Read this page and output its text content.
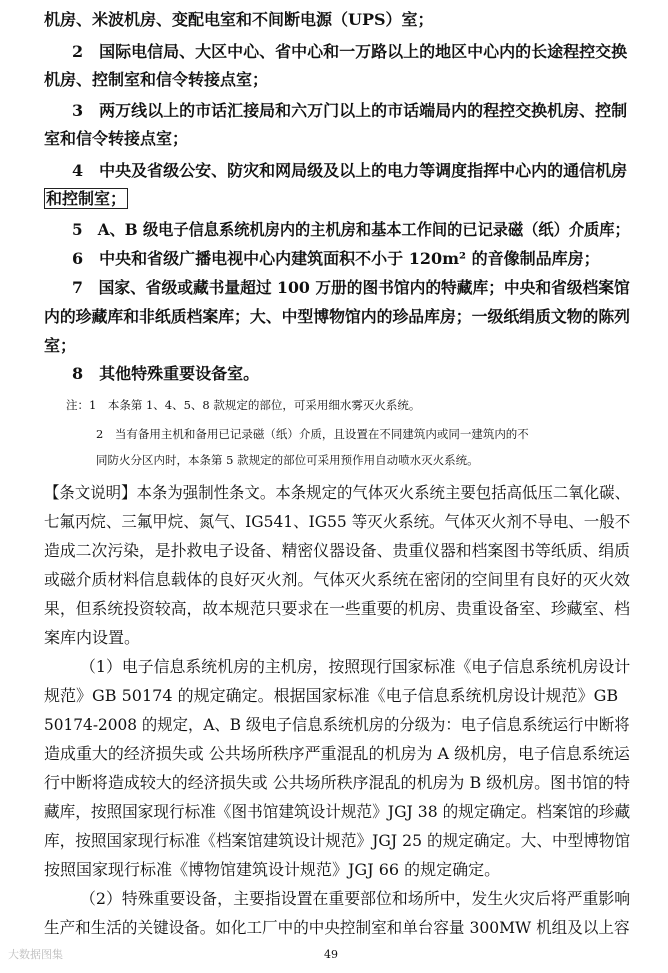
机房、米波机房、变配电室和不间断电源（UPS）室；
2　国际电信局、大区中心、省中心和一万路以上的地区中心内的长途程控交换
机房、控制室和信令转接点室；
3　两万线以上的市话汇接局和六万门以上的市话端局内的程控交换机房、控制
室和信令转接点室；
4　中央及省级公安、防灾和网局级及以上的电力等调度指挥中心内的通信机房
和控制室；
5　A、B 级电子信息系统机房内的主机房和基本工作间的已记录磁（纸）介质库；
6　中央和省级广播电视中心内建筑面积不小于 120m² 的音像制品库房；
7　国家、省级或藏书量超过 100 万册的图书馆内的特藏库；中央和省级档案馆
内的珍藏库和非纸质档案库；大、中型博物馆内的珍品库房；一级纸绢质文物的陈列
室；
8　其他特殊重要设备室。
注：1　本条第 1、4、5、8 款规定的部位，可采用细水雾灭火系统。
2　当有备用主机和备用已记录磁（纸）介质，且设置在不同建筑内或同一建筑内的不
同防火分区内时，本条第 5 款规定的部位可采用预作用自动喷水灭火系统。
【条文说明】本条为强制性条文。本条规定的气体灭火系统主要包括高低压二氧化碳、
七氟丙烷、三氟甲烷、氮气、IG541、IG55 等灭火系统。气体灭火剂不导电、一般不
造成二次污染，是扑救电子设备、精密仪器设备、贵重仪器和档案图书等纸质、绢质
或磁介质材料信息载体的良好灭火剂。气体灭火系统在密闭的空间里有良好的灭火效
果，但系统投资较高，故本规范只要求在一些重要的机房、贵重设备室、珍藏室、档
案库内设置。
（1）电子信息系统机房的主机房，按照现行国家标准《电子信息系统机房设计
规范》GB 50174 的规定确定。根据国家标准《电子信息系统机房设计规范》GB
50174-2008 的规定，A、B 级电子信息系统机房的分级为：电子信息系统运行中断将
造成重大的经济损失或 公共场所秩序严重混乱的机房为 A 级机房，电子信息系统运
行中断将造成较大的经济损失或 公共场所秩序混乱的机房为 B 级机房。图书馆的特
藏库，按照国家现行标准《图书馆建筑设计规范》JGJ 38 的规定确定。档案馆的珍藏
库，按照国家现行标准《档案馆建筑设计规范》JGJ 25 的规定确定。大、中型博物馆
按照国家现行标准《博物馆建筑设计规范》JGJ 66 的规定确定。
（2）特殊重要设备，主要指设置在重要部位和场所中，发生火灾后将严重影响
生产和生活的关键设备。如化工厂中的中央控制室和单台容量 300MW 机组及以上容
大数据图集	49
